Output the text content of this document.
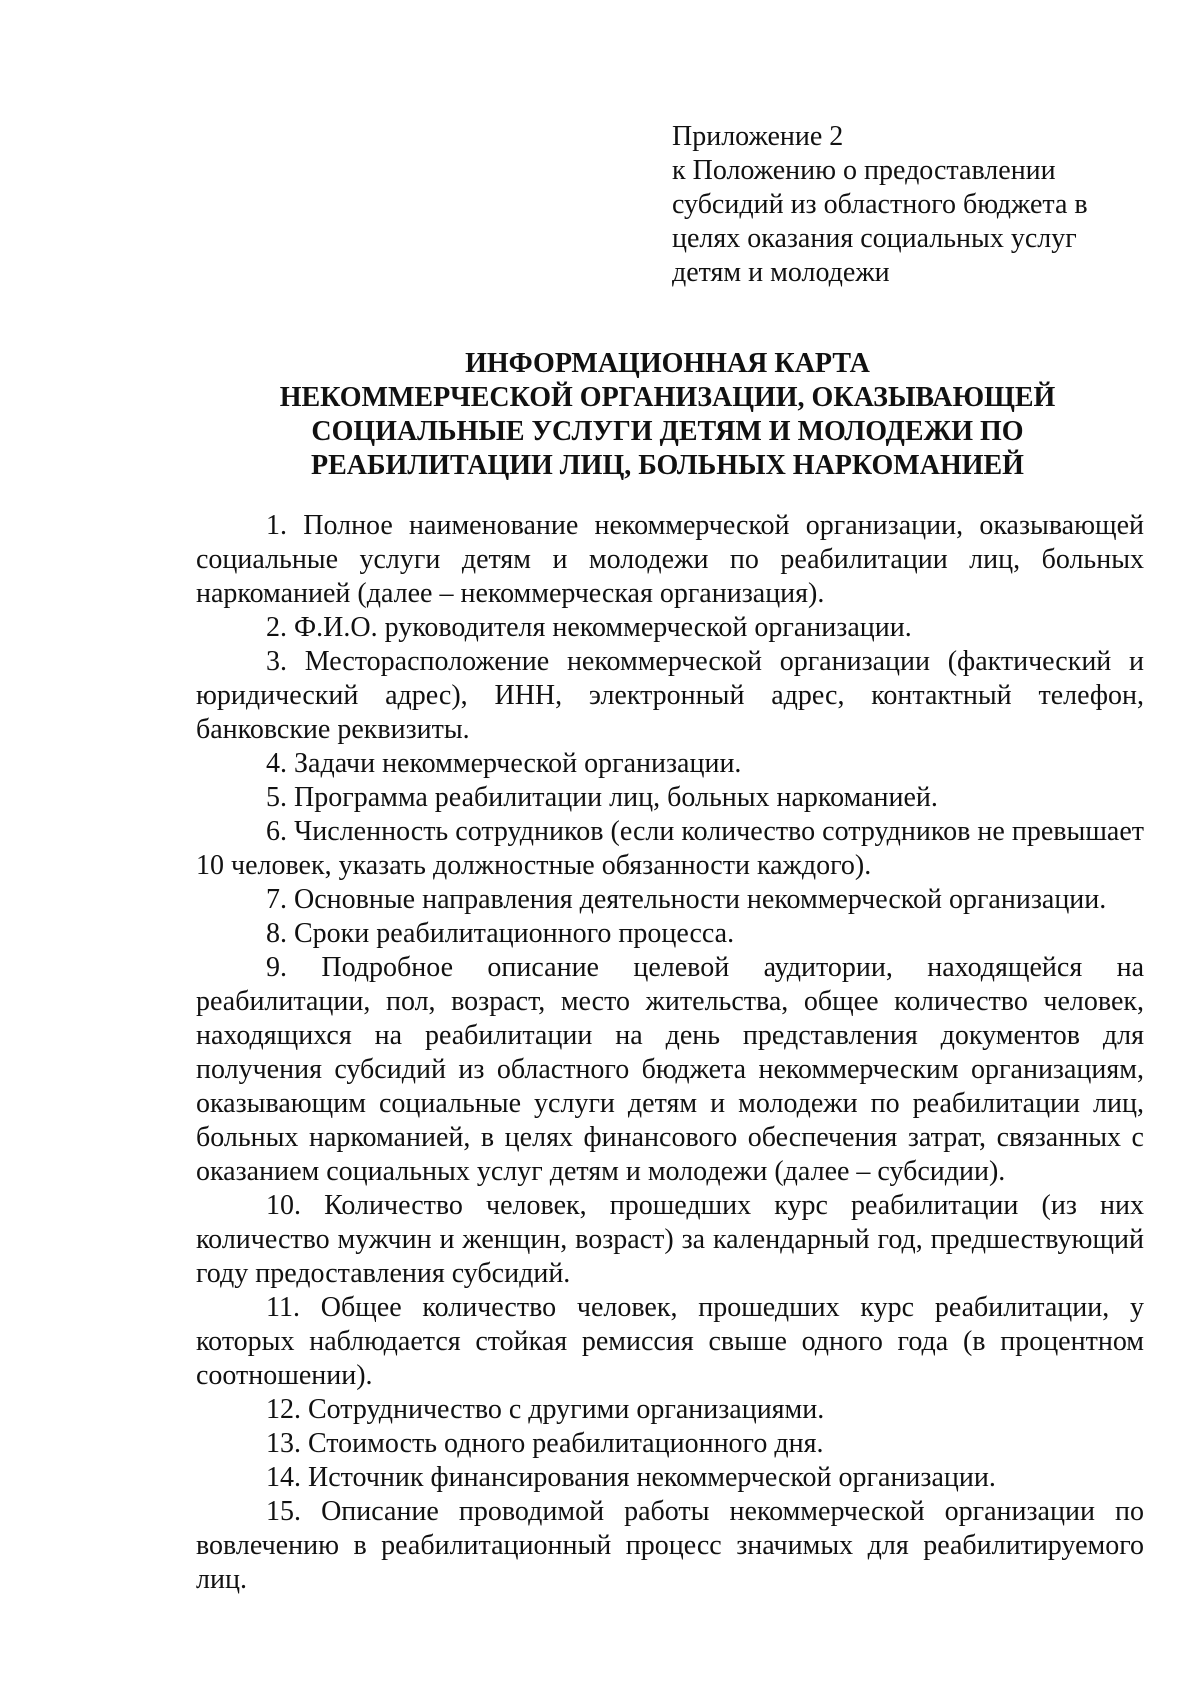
Приложение 2
к Положению о предоставлении
субсидий из областного бюджета в
целях оказания социальных услуг
детям и молодежи
ИНФОРМАЦИОННАЯ КАРТА
НЕКОММЕРЧЕСКОЙ ОРГАНИЗАЦИИ, ОКАЗЫВАЮЩЕЙ
СОЦИАЛЬНЫЕ УСЛУГИ ДЕТЯМ И МОЛОДЕЖИ ПО
РЕАБИЛИТАЦИИ ЛИЦ, БОЛЬНЫХ НАРКОМАНИЕЙ

1. Полное наименование некоммерческой организации, оказывающей социальные услуги детям и молодежи по реабилитации лиц, больных наркоманией (далее – некоммерческая организация).

2. Ф.И.О. руководителя некоммерческой организации.

3. Месторасположение некоммерческой организации (фактический и юридический адрес), ИНН, электронный адрес, контактный телефон, банковские реквизиты.

4. Задачи некоммерческой организации.

5. Программа реабилитации лиц, больных наркоманией.

6. Численность сотрудников (если количество сотрудников не превышает 10 человек, указать должностные обязанности каждого).

7. Основные направления деятельности некоммерческой организации.

8. Сроки реабилитационного процесса.

9. Подробное описание целевой аудитории, находящейся на реабилитации, пол, возраст, место жительства, общее количество человек, находящихся на реабилитации на день представления документов для получения субсидий из областного бюджета некоммерческим организациям, оказывающим социальные услуги детям и молодежи по реабилитации лиц, больных наркоманией, в целях финансового обеспечения затрат, связанных с оказанием социальных услуг детям и молодежи (далее – субсидии).

10. Количество человек, прошедших курс реабилитации (из них количество мужчин и женщин, возраст) за календарный год, предшествующий году предоставления субсидий.

11. Общее количество человек, прошедших курс реабилитации, у которых наблюдается стойкая ремиссия свыше одного года (в процентном соотношении).

12. Сотрудничество с другими организациями.

13. Стоимость одного реабилитационного дня.

14. Источник финансирования некоммерческой организации.

15. Описание проводимой работы некоммерческой организации по вовлечению в реабилитационный процесс значимых для реабилитируемого лиц.
